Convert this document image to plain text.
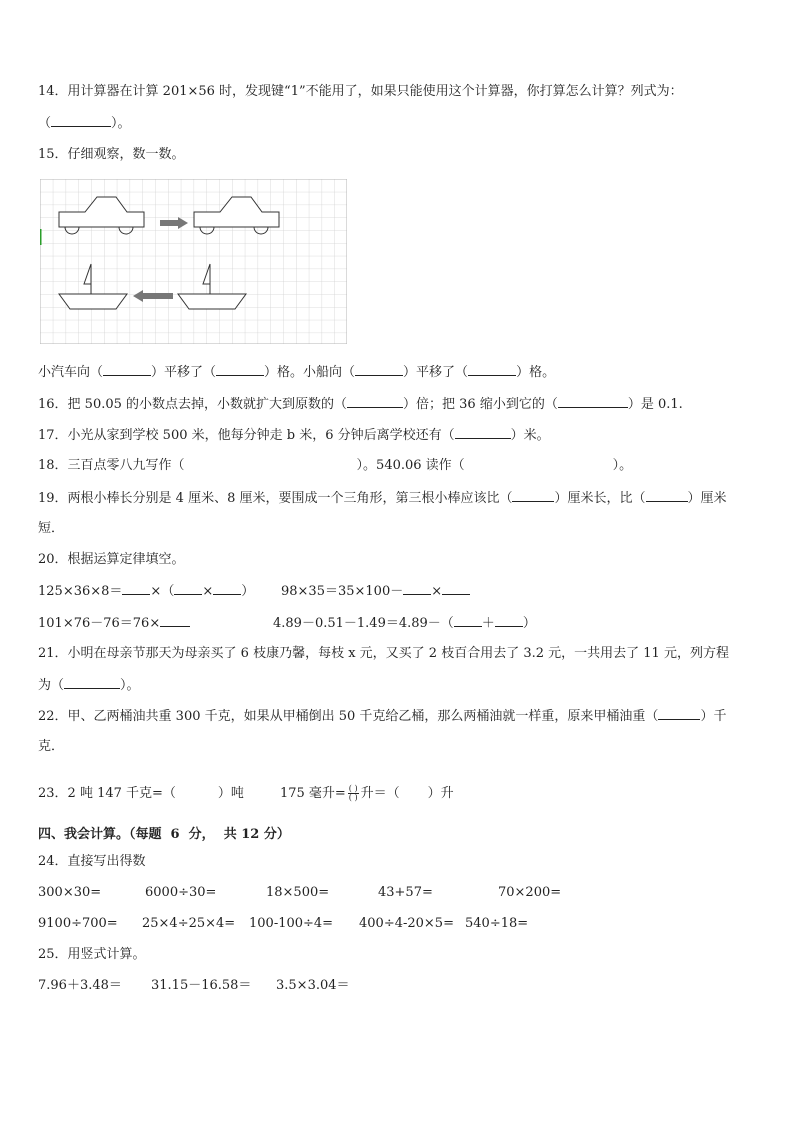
14．用计算器在计算 201×56 时，发现键“1”不能用了，如果只能使用这个计算器，你打算怎么计算？列式为：
（	）。
15．仔细观察，数一数。
小汽车向（	）平移了（	）格。小船向（	）平移了（	）格。
16．把 50.05 的小数点去掉，小数就扩大到原数的（	）倍；把 36 缩小到它的（	）是 0.1.
17．小光从家到学校 500 米，他每分钟走 b 米，6 分钟后离学校还有（	）米。
18．三百点零八九写作（	）。540.06 读作（	）。
19．两根小棒长分别是 4 厘米、8 厘米，要围成一个三角形，第三根小棒应该比（	）厘米长，比（	）厘米
短．
20．根据运算定律填空。
125×36×8＝ ×（ × ） 98×35＝35×100－ ×
101×76－76＝76×	4.89－0.51－1.49＝4.89－（ ＋ ）
21．小明在母亲节那天为母亲买了 6 枝康乃馨，每枝 x 元，又买了 2 枝百合用去了 3.2 元，一共用去了 11 元，列方程
为（	）。
22．甲、乙两桶油共重 300 千克，如果从甲桶倒出 50 千克给乙桶，那么两桶油就一样重，原来甲桶油重（	）千
克．
23．2 吨 147 千克=（	）吨	175 毫升= $\frac{( )}{( )}$ 升＝（ ）升
四、我会计算。（每题  6  分，  共 12 分）
24．直接写出得数
300×30=	6000÷30=	18×500=	43+57=	70×200=
9100÷700= 25×4÷25×4= 100-100÷4= 400÷4-20×5= 540÷18=
25．用竖式计算。
7.96＋3.48＝ 31.15－16.58＝ 3.5×3.04＝
